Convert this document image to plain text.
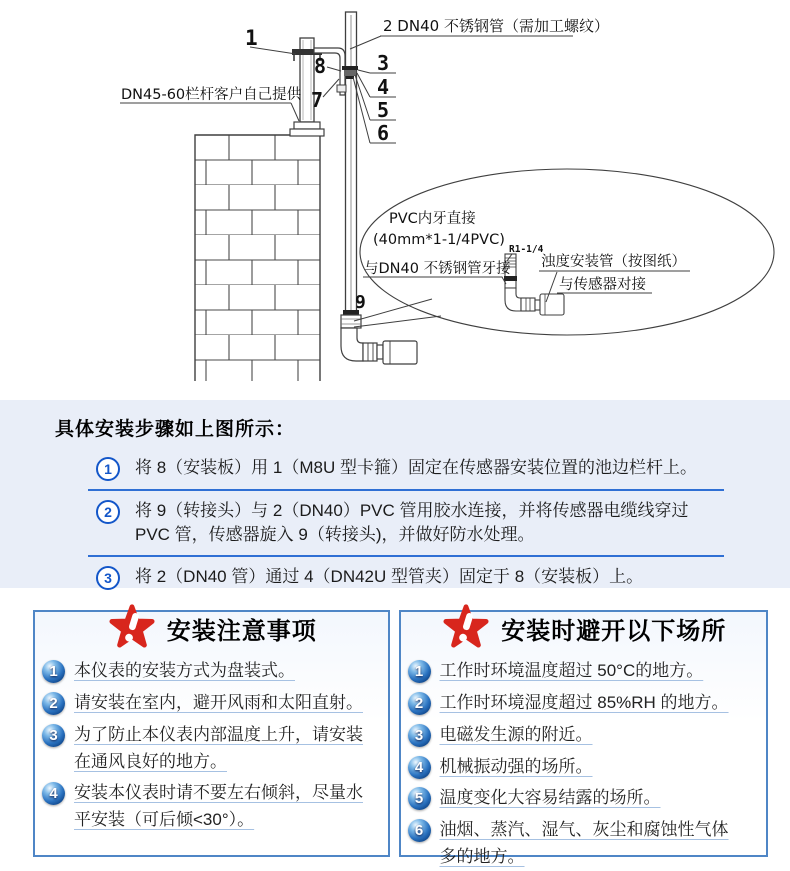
1
8
7
3
4
5
6
9
2 DN40 不锈钢管（需加工螺纹）
DN45-60栏杆客户自己提供
PVC内牙直接
(40mm*1-1/4PVC)
与DN40 不锈钢管牙接
R1-1/4
浊度安装管（按图纸）
与传感器对接
具体安装步骤如上图所示：
1	将 8（安装板）用 1（M8U 型卡箍）固定在传感器安装位置的池边栏杆上。

2	将 9（转接头）与 2（DN40）PVC 管用胶水连接，并将传感器电缆线穿过 PVC 管，传感器旋入 9（转接头)，并做好防水处理。

3	将 2（DN40 管）通过 4（DN42U 型管夹）固定于 8（安装板）上。

安装注意事项
1 本仪表的安装方式为盘装式。

2 请安装在室内，避开风雨和太阳直射。

3 为了防止本仪表内部温度上升，请安装在通风良好的地方。

4 安装本仪表时请不要左右倾斜，尽量水平安装（可后倾<30°）。

安装时避开以下场所
1 工作时环境温度超过 50°C的地方。

2 工作时环境湿度超过 85%RH 的地方。

3 电磁发生源的附近。

4 机械振动强的场所。

5 温度变化大容易结露的场所。

6 油烟、蒸汽、湿气、灰尘和腐蚀性气体多的地方。
